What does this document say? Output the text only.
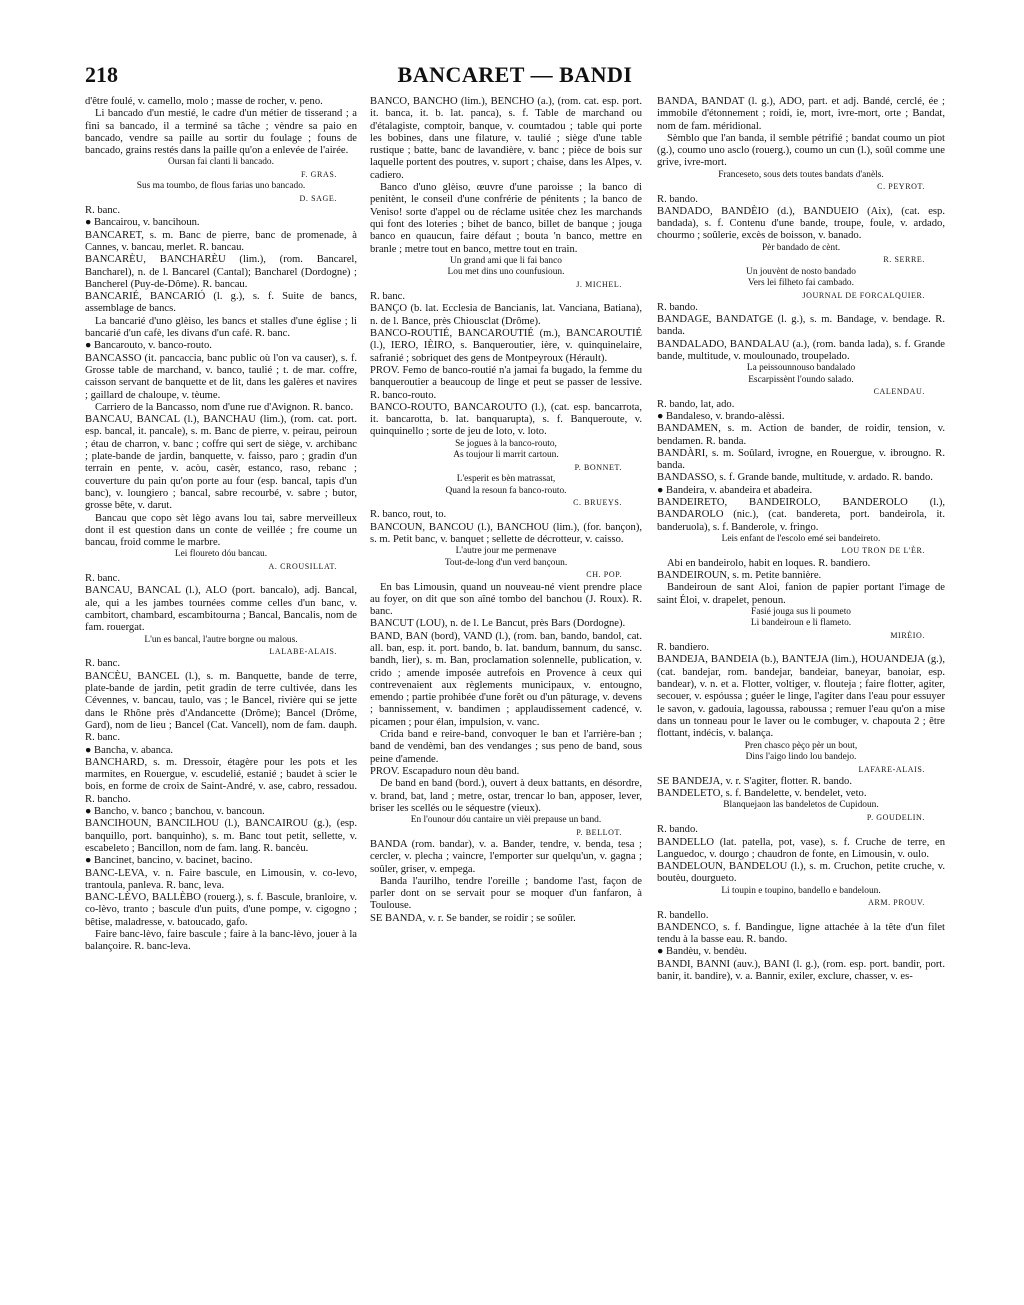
BANCARET — BANDI
218

d'être foulé, v. camello, molo ; masse de rocher, v. peno.

Li bancado d'un mestié, le cadre d'un métier de tisserand ; a fini sa bancado, il a terminé sa tâche ; vèndre sa paio en bancado, vendre sa paille au sortir du foulage ; founs de bancado, grains restés dans la paille qu'on a enlevée de l'airée.

Oursan fai clanti li bancado.

F. GRAS.

Sus ma toumbo, de flous farias uno bancado.

D. SAGE.

R. banc.

● Bancairou, v. bancihoun.

BANCARET, s. m. Banc de pierre, banc de promenade, à Cannes, v. bancau, merlet. R. bancau.

BANCARÈU, BANCHARÈU (lim.), (rom. Bancarel, Bancharel), n. de l. Bancarel (Cantal); Bancharel (Dordogne) ; Bancherel (Puy-de-Dôme). R. bancau.

BANCARIÉ, BANCARIÓ (l. g.), s. f. Suite de bancs, assemblage de bancs.

La bancarié d'uno glèiso, les bancs et stalles d'une église ; li bancarié d'un cafè, les divans d'un café. R. banc.

● Bancarouto, v. banco-routo.

BANCASSO (it. pancaccia, banc public où l'on va causer), s. f. Grosse table de marchand, v. banco, taulié ; t. de mar. coffre, caisson servant de banquette et de lit, dans les galères et navires ; gaillard de chaloupe, v. tèume.

Carriero de la Bancasso, nom d'une rue d'Avignon. R. banco.

BANCAU, BANCAL (l.), BANCHAU (lim.), (rom. cat. port. esp. bancal, it. pancale), s. m. Banc de pierre, v. peirau, peiroun ; étau de charron, v. banc ; coffre qui sert de siège, v. archibanc ; plate-bande de jardin, banquette, v. faisso, paro ; gradin d'un terrain en pente, v. acòu, casèr, estanco, raso, rebanc ; couverture du pain qu'on porte au four (esp. bancal, tapis d'un banc), v. loungiero ; bancal, sabre recourbé, v. sabre ; butor, grosse bête, v. darut.

Bancau que copo sèt lègo avans lou tai, sabre merveilleux dont il est question dans un conte de veillée ; fre coume un bancau, froid comme le marbre.

Lei floureto dóu bancau.

A. CROUSILLAT.

R. banc.

BANCAU, BANCAL (l.), ALO (port. bancalo), adj. Bancal, ale, qui a les jambes tournées comme celles d'un banc, v. cambitort, chambard, escambitourna ; Bancal, Bancalis, nom de fam. rouergat.

L'un es bancal, l'autre borgne ou malous.

LALABE-ALAIS.

R. banc.

BANCÈU, BANCEL (l.), s. m. Banquette, bande de terre, plate-bande de jardin, petit gradin de terre cultivée, dans les Cévennes, v. bancau, taulo, vas ; le Bancel, rivière qui se jette dans le Rhône près d'Andancette (Drôme); Bancel (Drôme, Gard), nom de lieu ; Bancel (Cat. Vancell), nom de fam. dauph. R. banc.

● Bancha, v. abanca.

BANCHARD, s. m. Dressoir, étagère pour les pots et les marmites, en Rouergue, v. escudelié, estanié ; baudet à scier le bois, en forme de croix de Saint-André, v. ase, cabro, ressadou. R. bancho.

● Bancho, v. banco ; banchou, v. bancoun.

BANCIHOUN, BANCILHOU (l.), BANCAIROU (g.), (esp. banquillo, port. banquinho), s. m. Banc tout petit, sellette, v. escabeleto ; Bancillon, nom de fam. lang. R. bancèu.

● Bancinet, bancino, v. bacinet, bacino.

BANC-LEVA, v. n. Faire bascule, en Limousin, v. co-levo, trantoula, panleva. R. banc, leva.

BANC-LÈVO, BALLÈBO (rouerg.), s. f. Bascule, branloire, v. co-lèvo, tranto ; bascule d'un puits, d'une pompe, v. cigogno ; bêtise, maladresse, v. batoucado, gafo.

Faire banc-lèvo, faire bascule ; faire à la banc-lèvo, jouer à la balançoire. R. banc-leva.

BANCO, BANCHO (lim.), BENCHO (a.), (rom. cat. esp. port. it. banca, it. b. lat. panca), s. f. Table de marchand ou d'étalagiste, comptoir, banque, v. coumtadou ; table qui porte les bobines, dans une filature, v. taulié ; siège d'une table rustique ; batte, banc de lavandière, v. banc ; pièce de bois sur laquelle portent des poutres, v. suport ; chaise, dans les Alpes, v. cadiero.

Banco d'uno glèiso, œuvre d'une paroisse ; la banco di penitènt, le conseil d'une confrérie de pénitents ; la banco de Veniso! sorte d'appel ou de réclame usitée chez les marchands qui font des loteries ; bihet de banco, billet de banque ; jouga banco en quaucun, faire défaut ; bouta 'n banco, mettre en branle ; metre tout en banco, mettre tout en train.

Un grand ami que li fai banco

Lou met dins uno counfusioun.

J. MICHEL.

R. banc.

BANÇO (b. lat. Ecclesia de Bancianis, lat. Vanciana, Batiana), n. de l. Bance, près Chiousclat (Drôme).

BANCO-ROUTIÉ, BANCAROUTIÉ (m.), BANCAROUTIÉ (l.), IERO, IÈIRO, s. Banqueroutier, ière, v. quinquinelaire, safranié ; sobriquet des gens de Montpeyroux (Hérault).

PROV. Femo de banco-routié n'a jamai fa bugado, la femme du banqueroutier a beaucoup de linge et peut se passer de lessive. R. banco-routo.

BANCO-ROUTO, BANCAROUTO (l.), (cat. esp. bancarrota, it. bancarotta, b. lat. banquarupta), s. f. Banqueroute, v. quinquinello ; sorte de jeu de loto, v. loto.

Se jogues à la banco-routo,

As toujour li marrit cartoun.

P. BONNET.

L'esperit es bèn matrassat,

Quand la resoun fa banco-routo.

C. BRUEYS.

R. banco, rout, to.

BANCOUN, BANCOU (l.), BANCHOU (lim.), (for. bançon), s. m. Petit banc, v. banquet ; sellette de décrotteur, v. caisso.

L'autre jour me permenave

Tout-de-long d'un verd bançoun.

CH. POP.

En bas Limousin, quand un nouveau-né vient prendre place au foyer, on dit que son aîné tombo del banchou (J. Roux). R. banc.

BANCUT (LOU), n. de l. Le Bancut, près Bars (Dordogne).

BAND, BAN (bord), VAND (l.), (rom. ban, bando, bandol, cat. all. ban, esp. it. port. bando, b. lat. bandum, bannum, du sansc. bandh, lier), s. m. Ban, proclamation solennelle, publication, v. crido ; amende imposée autrefois en Provence à ceux qui contrevenaient aux règlements municipaux, v. entougno, emendo ; partie prohibée d'une forêt ou d'un pâturage, v. devens ; bannissement, v. bandimen ; applaudissement cadencé, v. picamen ; pour élan, impulsion, v. vanc.

Crida band e reire-band, convoquer le ban et l'arrière-ban ; band de vendèmi, ban des vendanges ; sus peno de band, sous peine d'amende.

PROV. Escapaduro noun dèu band.

De band en band (bord.), ouvert à deux battants, en désordre, v. brand, bat, land ; metre, ostar, trencar lo ban, apposer, lever, briser les scellés ou le séquestre (vieux).

En l'ounour dóu cantaire un vièi prepause un band.

P. BELLOT.

BANDA (rom. bandar), v. a. Bander, tendre, v. benda, tesa ; cercler, v. plecha ; vaincre, l'emporter sur quelqu'un, v. gagna ; soûler, griser, v. empega.

Banda l'aurilho, tendre l'oreille ; bandome l'ast, façon de parler dont on se servait pour se moquer d'un fanfaron, à Toulouse.

SE BANDA, v. r. Se bander, se roidir ; se soûler.

BANDA, BANDAT (l. g.), ADO, part. et adj. Bandé, cerclé, ée ; immobile d'étonnement ; roidi, ie, mort, ivre-mort, orte ; Bandat, nom de fam. méridional.

Sèmblo que l'an banda, il semble pétrifié ; bandat coumo un piot (g.), coumo uno asclo (rouerg.), coumo un cun (l.), soûl comme une grive, ivre-mort.

Franceseto, sous dets toutes bandats d'anèls.

C. PEYROT.

R. bando.

BANDADO, BANDÈIO (d.), BANDUEIO (Aix), (cat. esp. bandada), s. f. Contenu d'une bande, troupe, foule, v. ardado, chourmo ; soûlerie, excès de boisson, v. banado.

Pèr bandado de cènt.

R. SERRE.

Un jouvènt de nosto bandado

Vers lei filheto fai cambado.

JOURNAL DE FORCALQUIER.

R. bando.

BANDAGE, BANDATGE (l. g.), s. m. Bandage, v. bendage. R. banda.

BANDALADO, BANDALAU (a.), (rom. banda lada), s. f. Grande bande, multitude, v. moulounado, troupelado.

La peissounnouso bandalado

Escarpissènt l'oundo salado.

CALENDAU.

R. bando, lat, ado.

● Bandaleso, v. brando-alèssi.

BANDAMEN, s. m. Action de bander, de roidir, tension, v. bendamen. R. banda.

BANDÀRI, s. m. Soûlard, ivrogne, en Rouergue, v. ibrougno. R. banda.

BANDASSO, s. f. Grande bande, multitude, v. ardado. R. bando.

● Bandeira, v. abandeira et abadeira.

BANDEIRETO, BANDEIROLO, BANDEROLO (l.), BANDAROLO (nic.), (cat. bandereta, port. bandeirola, it. banderuola), s. f. Banderole, v. fringo.

Leis enfant de l'escolo emé sei bandeireto.

LOU TRON DE L'ÈR.

Abi en bandeirolo, habit en loques. R. bandiero.

BANDEIROUN, s. m. Petite bannière.

Bandeiroun de sant Aloi, fanion de papier portant l'image de saint Éloi, v. drapelet, penoun.

Fasié jouga sus li poumeto

Li bandeiroun e li flameto.

MIRÈIO.

R. bandiero.

BANDEJA, BANDEIA (b.), BANTEJA (lim.), HOUANDEJA (g.), (cat. bandejar, rom. bandejar, bandeiar, baneyar, banoiar, esp. bandear), v. n. et a. Flotter, voltiger, v. flouteja ; faire flotter, agiter, secouer, v. espóussa ; guéer le linge, l'agiter dans l'eau pour essuyer le savon, v. gadouia, lagoussa, raboussa ; remuer l'eau qu'on a mise dans un tonneau pour le laver ou le combuger, v. chapouta 2 ; être flottant, indécis, v. balança.

Pren chasco pèço pèr un bout,

Dins l'aigo lindo lou bandejo.

LAFARE-ALAIS.

SE BANDEJA, v. r. S'agiter, flotter. R. bando.

BANDELETO, s. f. Bandelette, v. bendelet, veto.

Blanquejaon las bandeletos de Cupidoun.

P. GOUDELIN.

R. bando.

BANDELLO (lat. patella, pot, vase), s. f. Cruche de terre, en Languedoc, v. dourgo ; chaudron de fonte, en Limousin, v. oulo.

BANDELOUN, BANDELOU (l.), s. m. Cruchon, petite cruche, v. boutèu, dourgueto.

Li toupin e toupino, bandello e bandeloun.

ARM. PROUV.

R. bandello.

BANDENCO, s. f. Bandingue, ligne attachée à la tête d'un filet tendu à la basse eau. R. bando.

● Bandèu, v. bendèu.

BANDI, BANNI (auv.), BANI (l. g.), (rom. esp. port. bandir, port. banir, it. bandire), v. a. Bannir, exiler, exclure, chasser, v. es-
